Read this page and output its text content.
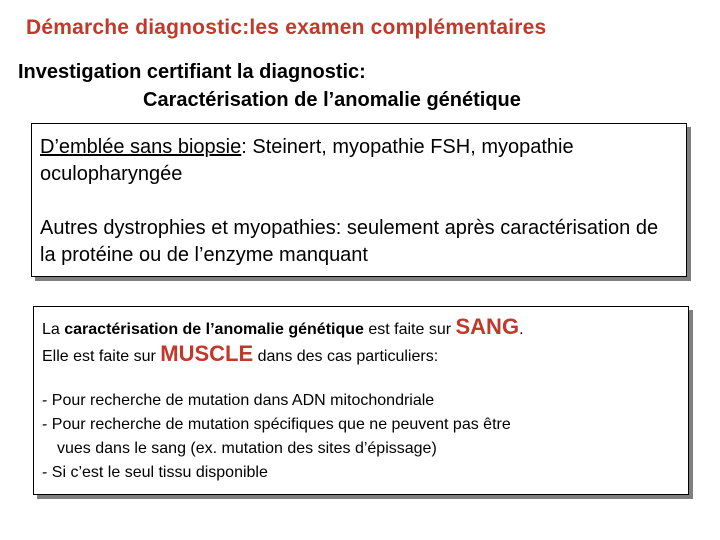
Démarche diagnostic:les examen complémentaires
Investigation certifiant la diagnostic:
Caractérisation de l’anomalie génétique

D’emblée sans biopsie: Steinert, myopathie FSH, myopathie oculopharyngée

Autres dystrophies et myopathies: seulement après caractérisation de la protéine ou de l’enzyme manquant

La caractérisation de l’anomalie génétique est faite sur SANG.
Elle est faite sur MUSCLE dans des cas particuliers:
- Pour recherche de mutation dans ADN mitochondriale
- Pour recherche de mutation spécifiques que ne peuvent pas être
vues dans le sang (ex. mutation des sites d’épissage)
- Si c’est le seul tissu disponible
